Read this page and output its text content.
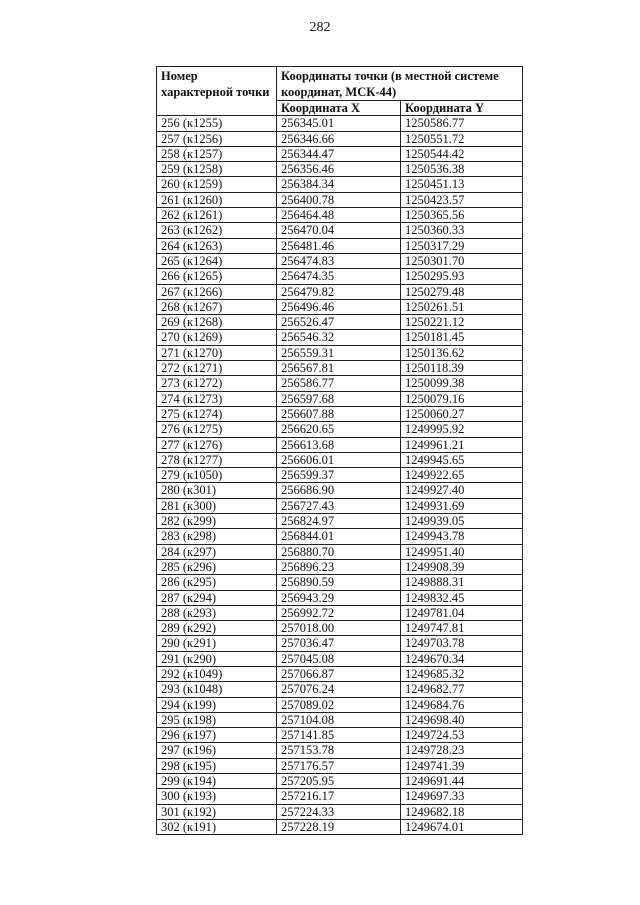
282
Номер характерной точки	Координаты точки (в местной системе координат, МСК-44)	
	Координата X	Координата Y
256 (к1255)	256345.01	1250586.77
257 (к1256)	256346.66	1250551.72
258 (к1257)	256344.47	1250544.42
259 (к1258)	256356.46	1250536.38
260 (к1259)	256384.34	1250451.13
261 (к1260)	256400.78	1250423.57
262 (к1261)	256464.48	1250365.56
263 (к1262)	256470.04	1250360.33
264 (к1263)	256481.46	1250317.29
265 (к1264)	256474.83	1250301.70
266 (к1265)	256474.35	1250295.93
267 (к1266)	256479.82	1250279.48
268 (к1267)	256496.46	1250261.51
269 (к1268)	256526.47	1250221.12
270 (к1269)	256546.32	1250181.45
271 (к1270)	256559.31	1250136.62
272 (к1271)	256567.81	1250118.39
273 (к1272)	256586.77	1250099.38
274 (к1273)	256597.68	1250079.16
275 (к1274)	256607.88	1250060.27
276 (к1275)	256620.65	1249995.92
277 (к1276)	256613.68	1249961.21
278 (к1277)	256606.01	1249945.65
279 (к1050)	256599.37	1249922.65
280 (к301)	256686.90	1249927.40
281 (к300)	256727.43	1249931.69
282 (к299)	256824.97	1249939.05
283 (к298)	256844.01	1249943.78
284 (к297)	256880.70	1249951.40
285 (к296)	256896.23	1249908.39
286 (к295)	256890.59	1249888.31
287 (к294)	256943.29	1249832.45
288 (к293)	256992.72	1249781.04
289 (к292)	257018.00	1249747.81
290 (к291)	257036.47	1249703.78
291 (к290)	257045.08	1249670.34
292 (к1049)	257066.87	1249685.32
293 (к1048)	257076.24	1249682.77
294 (к199)	257089.02	1249684.76
295 (к198)	257104.08	1249698.40
296 (к197)	257141.85	1249724.53
297 (к196)	257153.78	1249728.23
298 (к195)	257176.57	1249741.39
299 (к194)	257205.95	1249691.44
300 (к193)	257216.17	1249697.33
301 (к192)	257224.33	1249682.18
302 (к191)	257228.19	1249674.01
